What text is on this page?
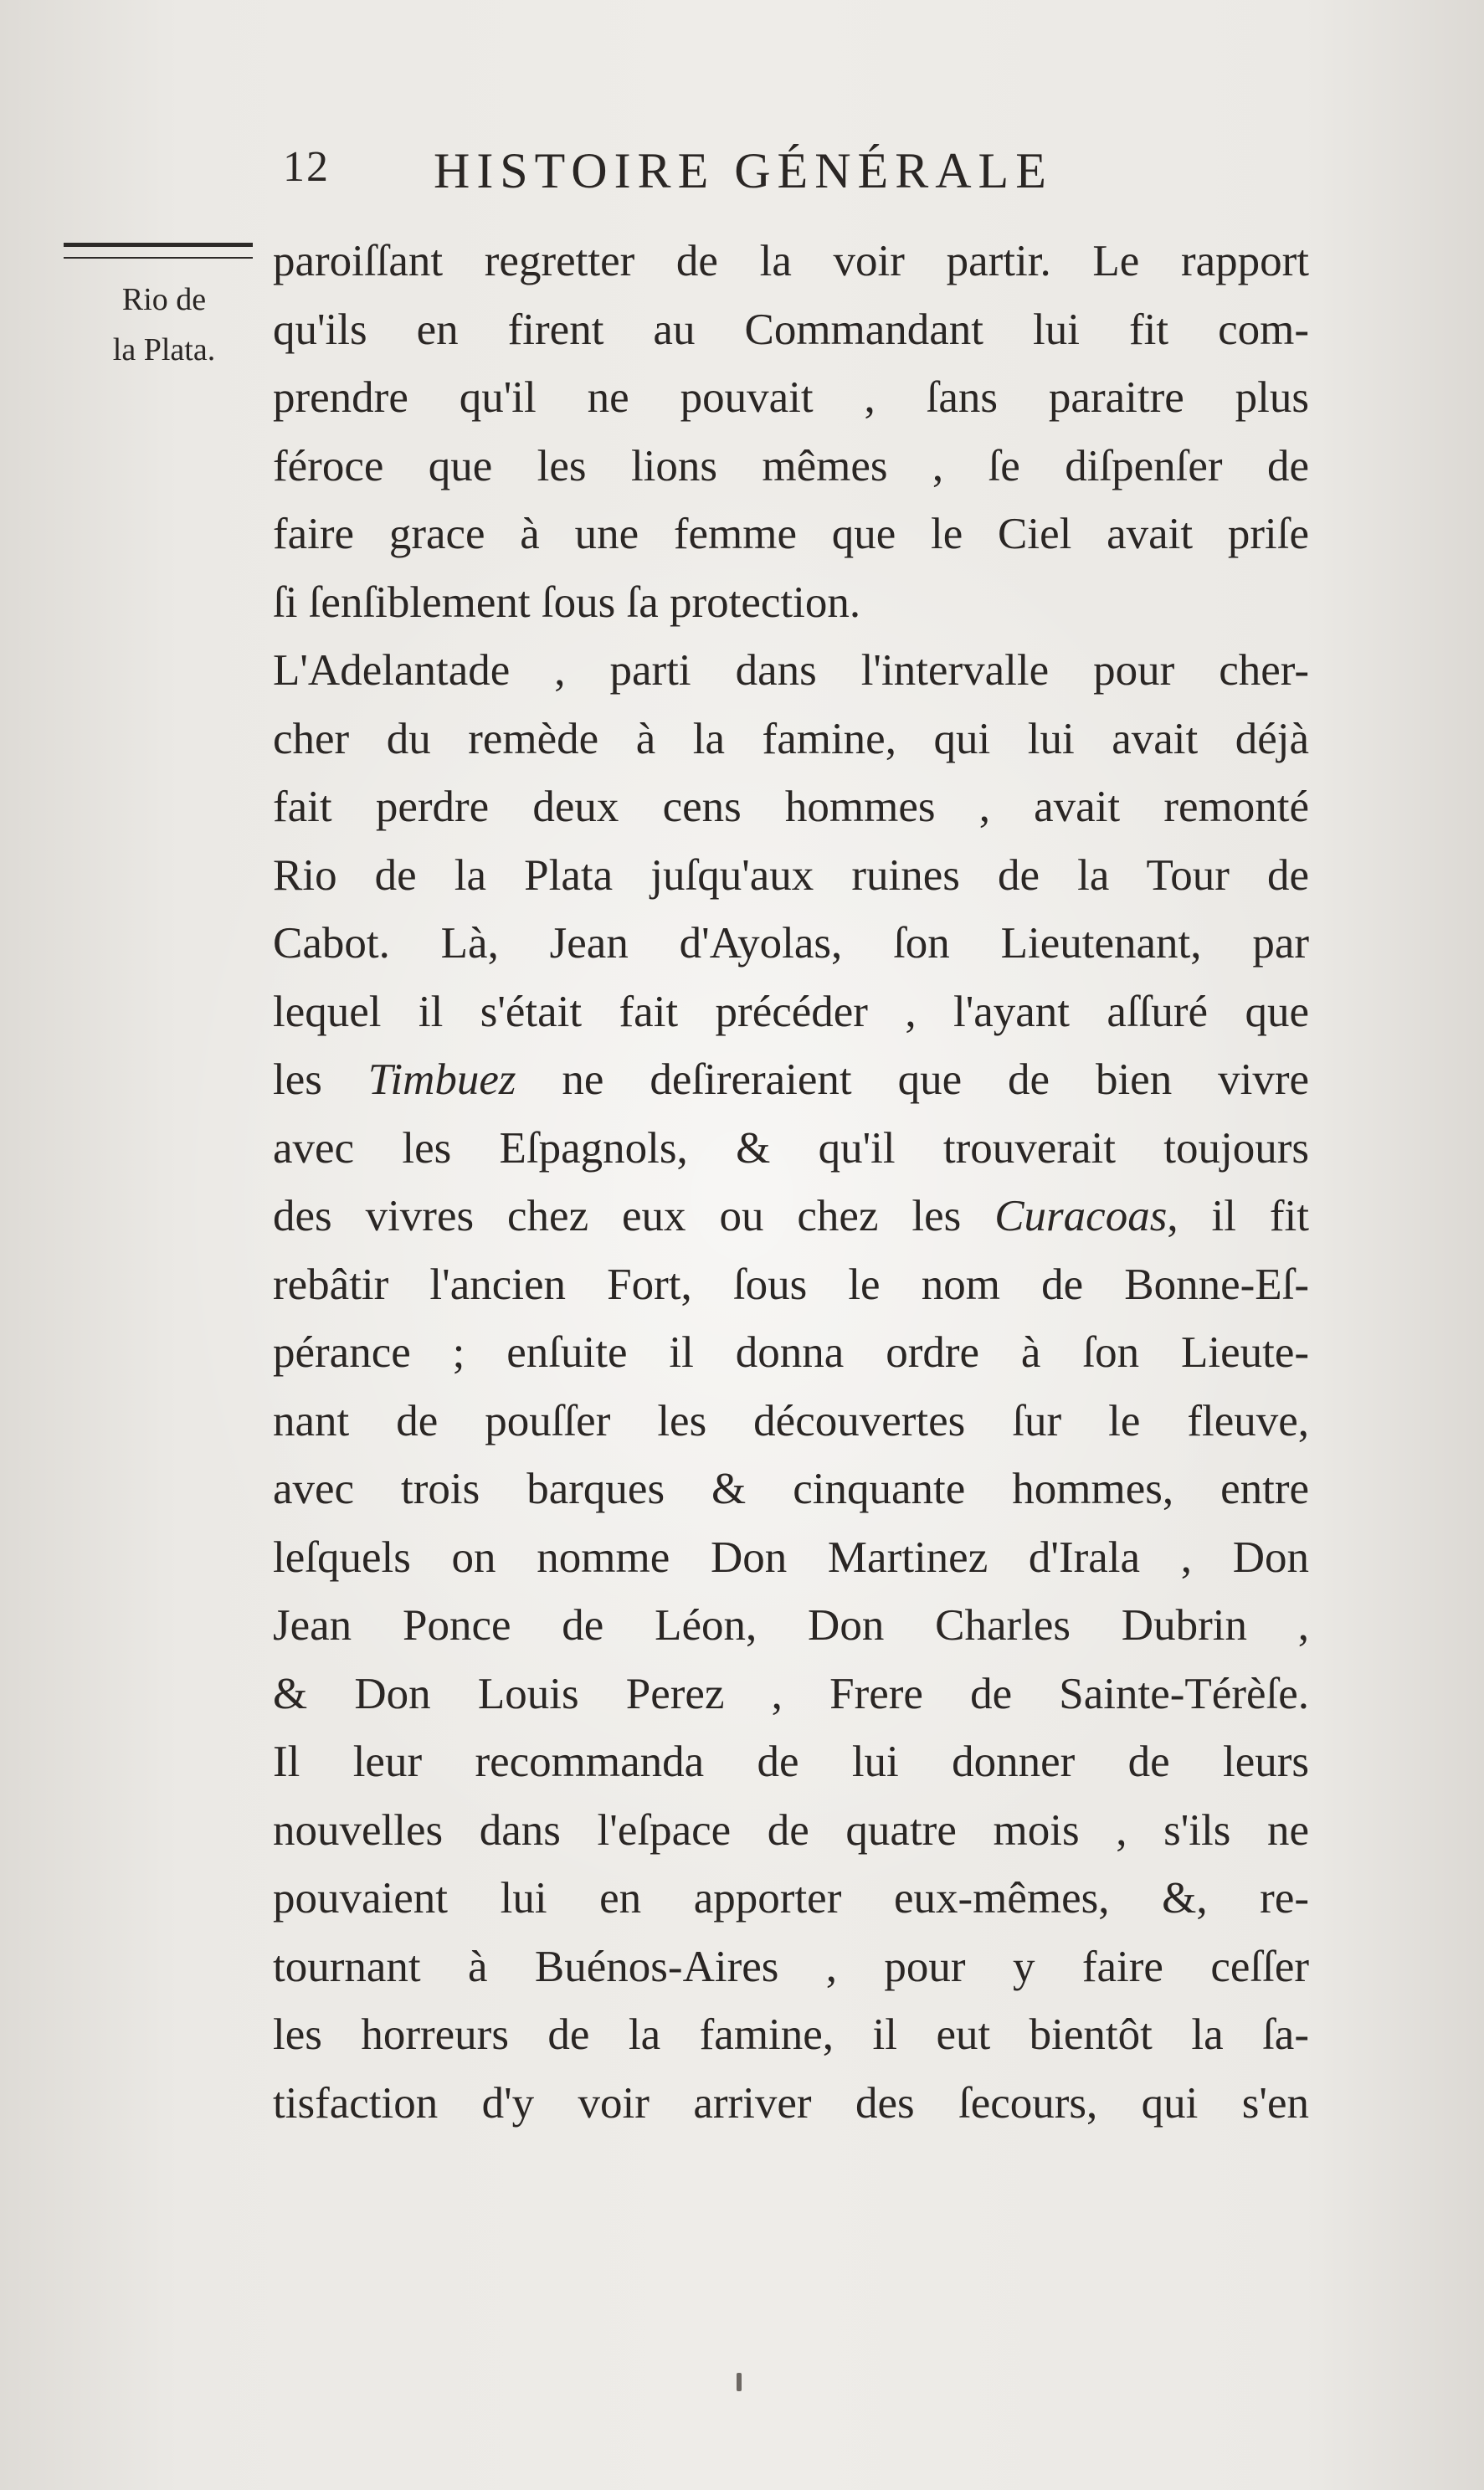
12 HISTOIRE GÉNÉRALE
Rio de
la Plata.
paroiſſant regretter de la voir partir. Le rapport
qu'ils en firent au Commandant lui fit com-
prendre qu'il ne pouvait , ſans paraitre plus
féroce que les lions mêmes , ſe diſpenſer de
faire grace à une femme que le Ciel avait priſe
ſi ſenſiblement ſous ſa protection.
L'Adelantade , parti dans l'intervalle pour cher-
cher du remède à la famine, qui lui avait déjà
fait perdre deux cens hommes , avait remonté
Rio de la Plata juſqu'aux ruines de la Tour de
Cabot. Là, Jean d'Ayolas, ſon Lieutenant, par
lequel il s'était fait précéder , l'ayant aſſuré que
les Timbuez ne deſireraient que de bien vivre
avec les Eſpagnols, & qu'il trouverait toujours
des vivres chez eux ou chez les Curacoas, il fit
rebâtir l'ancien Fort, ſous le nom de Bonne-Eſ-
pérance ; enſuite il donna ordre à ſon Lieute-
nant de pouſſer les découvertes ſur le fleuve,
avec trois barques & cinquante hommes, entre
leſquels on nomme Don Martinez d'Irala , Don
Jean Ponce de Léon, Don Charles Dubrin ,
& Don Louis Perez , Frere de Sainte-Térèſe.
Il leur recommanda de lui donner de leurs
nouvelles dans l'eſpace de quatre mois , s'ils ne
pouvaient lui en apporter eux-mêmes, &, re-
tournant à Buénos-Aires , pour y faire ceſſer
les horreurs de la famine, il eut bientôt la ſa-
tisfaction d'y voir arriver des ſecours, qui s'en
